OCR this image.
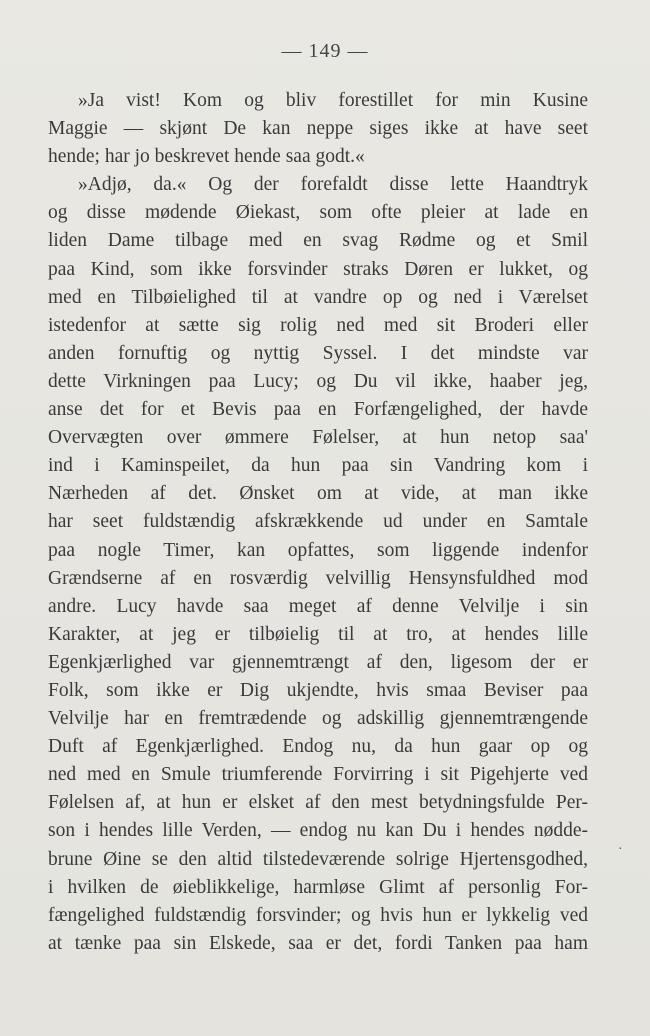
— 149 —
»Ja vist! Kom og bliv forestillet for min Kusine
Maggie — skjønt De kan neppe siges ikke at have seet
hende; har jo beskrevet hende saa godt.«
»Adjø, da.« Og der forefaldt disse lette Haandtryk
og disse mødende Øiekast, som ofte pleier at lade en
liden Dame tilbage med en svag Rødme og et Smil
paa Kind, som ikke forsvinder straks Døren er lukket, og
med en Tilbøielighed til at vandre op og ned i Værelset
istedenfor at sætte sig rolig ned med sit Broderi eller
anden fornuftig og nyttig Syssel. I det mindste var
dette Virkningen paa Lucy; og Du vil ikke, haaber jeg,
anse det for et Bevis paa en Forfængelighed, der havde
Overvægten over ømmere Følelser, at hun netop saa'
ind i Kaminspeilet, da hun paa sin Vandring kom i
Nærheden af det. Ønsket om at vide, at man ikke
har seet fuldstændig afskrækkende ud under en Samtale
paa nogle Timer, kan opfattes, som liggende indenfor
Grændserne af en rosværdig velvillig Hensynsfuldhed mod
andre. Lucy havde saa meget af denne Velvilje i sin
Karakter, at jeg er tilbøielig til at tro, at hendes lille
Egenkjærlighed var gjennemtrængt af den, ligesom der er
Folk, som ikke er Dig ukjendte, hvis smaa Beviser paa
Velvilje har en fremtrædende og adskillig gjennemtrængende
Duft af Egenkjærlighed. Endog nu, da hun gaar op og
ned med en Smule triumferende Forvirring i sit Pigehjerte ved
Følelsen af, at hun er elsket af den mest betydningsfulde Per-
son i hendes lille Verden, — endog nu kan Du i hendes nødde-
brune Øine se den altid tilstedeværende solrige Hjertensgodhed,
i hvilken de øieblikkelige, harmløse Glimt af personlig For-
fængelighed fuldstændig forsvinder; og hvis hun er lykkelig ved
at tænke paa sin Elskede, saa er det, fordi Tanken paa ham
·
